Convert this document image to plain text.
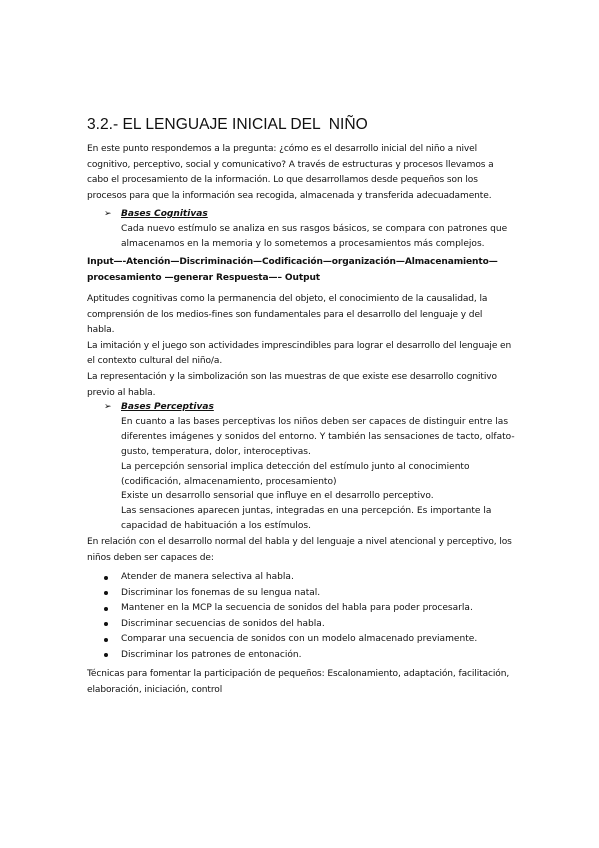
3.2.- EL LENGUAJE INICIAL DEL  NIÑO

En este punto respondemos a la pregunta: ¿cómo es el desarrollo inicial del niño a nivel
cognitivo, perceptivo, social y comunicativo? A través de estructuras y procesos llevamos a
cabo el procesamiento de la información. Lo que desarrollamos desde pequeños son los
procesos para que la información sea recogida, almacenada y transferida adecuadamente.

➢ Bases Cognitivas
Cada nuevo estímulo se analiza en sus rasgos básicos, se compara con patrones que
almacenamos en la memoria y lo sometemos a procesamientos más complejos.

Input—-Atención—Discriminación—Codificación—organización—Almacenamiento—
procesamiento —generar Respuesta—– Output

Aptitudes cognitivas como la permanencia del objeto, el conocimiento de la causalidad, la
comprensión de los medios-fines son fundamentales para el desarrollo del lenguaje y del
habla.
La imitación y el juego son actividades imprescindibles para lograr el desarrollo del lenguaje en
el contexto cultural del niño/a.
La representación y la simbolización son las muestras de que existe ese desarrollo cognitivo
previo al habla.

➢ Bases Perceptivas
En cuanto a las bases perceptivas los niños deben ser capaces de distinguir entre las
diferentes imágenes y sonidos del entorno. Y también las sensaciones de tacto, olfato-
gusto, temperatura, dolor, interoceptivas.
La percepción sensorial implica detección del estímulo junto al conocimiento
(codificación, almacenamiento, procesamiento)
Existe un desarrollo sensorial que influye en el desarrollo perceptivo.
Las sensaciones aparecen juntas, integradas en una percepción. Es importante la
capacidad de habituación a los estímulos.

En relación con el desarrollo normal del habla y del lenguaje a nivel atencional y perceptivo, los
niños deben ser capaces de:

Atender de manera selectiva al habla.
Discriminar los fonemas de su lengua natal.
Mantener en la MCP la secuencia de sonidos del habla para poder procesarla.
Discriminar secuencias de sonidos del habla.
Comparar una secuencia de sonidos con un modelo almacenado previamente.
Discriminar los patrones de entonación.

Técnicas para fomentar la participación de pequeños: Escalonamiento, adaptación, facilitación,
elaboración, iniciación, control
